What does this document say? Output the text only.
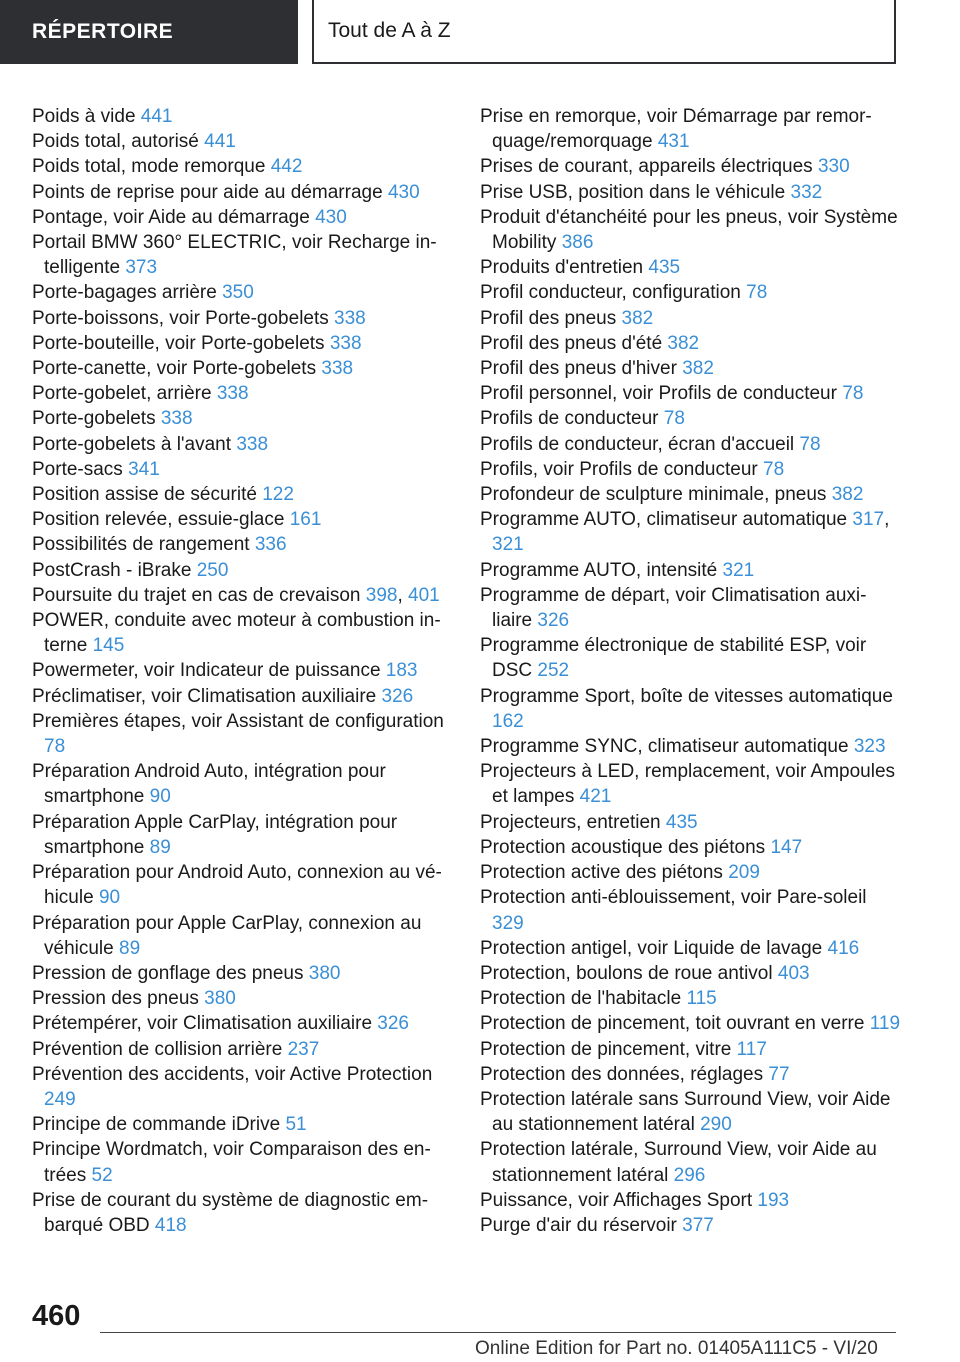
RÉPERTOIRE	Tout de A à Z
Poids à vide 441
Poids total, autorisé 441
Poids total, mode remorque 442
Points de reprise pour aide au démarrage 430
Pontage, voir Aide au démarrage 430
Portail BMW 360° ELECTRIC, voir Recharge intelligente 373
Porte-bagages arrière 350
Porte-boissons, voir Porte-gobelets 338
Porte-bouteille, voir Porte-gobelets 338
Porte-canette, voir Porte-gobelets 338
Porte-gobelet, arrière 338
Porte-gobelets 338
Porte-gobelets à l'avant 338
Porte-sacs 341
Position assise de sécurité 122
Position relevée, essuie-glace 161
Possibilités de rangement 336
PostCrash - iBrake 250
Poursuite du trajet en cas de crevaison 398, 401
POWER, conduite avec moteur à combustion interne 145
Powermeter, voir Indicateur de puissance 183
Préclimatiser, voir Climatisation auxiliaire 326
Premières étapes, voir Assistant de configuration 78
Préparation Android Auto, intégration pour smartphone 90
Préparation Apple CarPlay, intégration pour smartphone 89
Préparation pour Android Auto, connexion au véhicule 90
Préparation pour Apple CarPlay, connexion au véhicule 89
Pression de gonflage des pneus 380
Pression des pneus 380
Prétempérer, voir Climatisation auxiliaire 326
Prévention de collision arrière 237
Prévention des accidents, voir Active Protection 249
Principe de commande iDrive 51
Principe Wordmatch, voir Comparaison des entrées 52
Prise de courant du système de diagnostic embarqué OBD 418
Prise en remorque, voir Démarrage par remorquage/remorquage 431
Prises de courant, appareils électriques 330
Prise USB, position dans le véhicule 332
Produit d'étanchéité pour les pneus, voir Système Mobility 386
Produits d'entretien 435
Profil conducteur, configuration 78
Profil des pneus 382
Profil des pneus d'été 382
Profil des pneus d'hiver 382
Profil personnel, voir Profils de conducteur 78
Profils de conducteur 78
Profils de conducteur, écran d'accueil 78
Profils, voir Profils de conducteur 78
Profondeur de sculpture minimale, pneus 382
Programme AUTO, climatiseur automatique 317, 321
Programme AUTO, intensité 321
Programme de départ, voir Climatisation auxiliaire 326
Programme électronique de stabilité ESP, voir DSC 252
Programme Sport, boîte de vitesses automatique 162
Programme SYNC, climatiseur automatique 323
Projecteurs à LED, remplacement, voir Ampoules et lampes 421
Projecteurs, entretien 435
Protection acoustique des piétons 147
Protection active des piétons 209
Protection anti-éblouissement, voir Pare-soleil 329
Protection antigel, voir Liquide de lavage 416
Protection, boulons de roue antivol 403
Protection de l'habitacle 115
Protection de pincement, toit ouvrant en verre 119
Protection de pincement, vitre 117
Protection des données, réglages 77
Protection latérale sans Surround View, voir Aide au stationnement latéral 290
Protection latérale, Surround View, voir Aide au stationnement latéral 296
Puissance, voir Affichages Sport 193
Purge d'air du réservoir 377
460
Online Edition for Part no. 01405A111C5 - VI/20
